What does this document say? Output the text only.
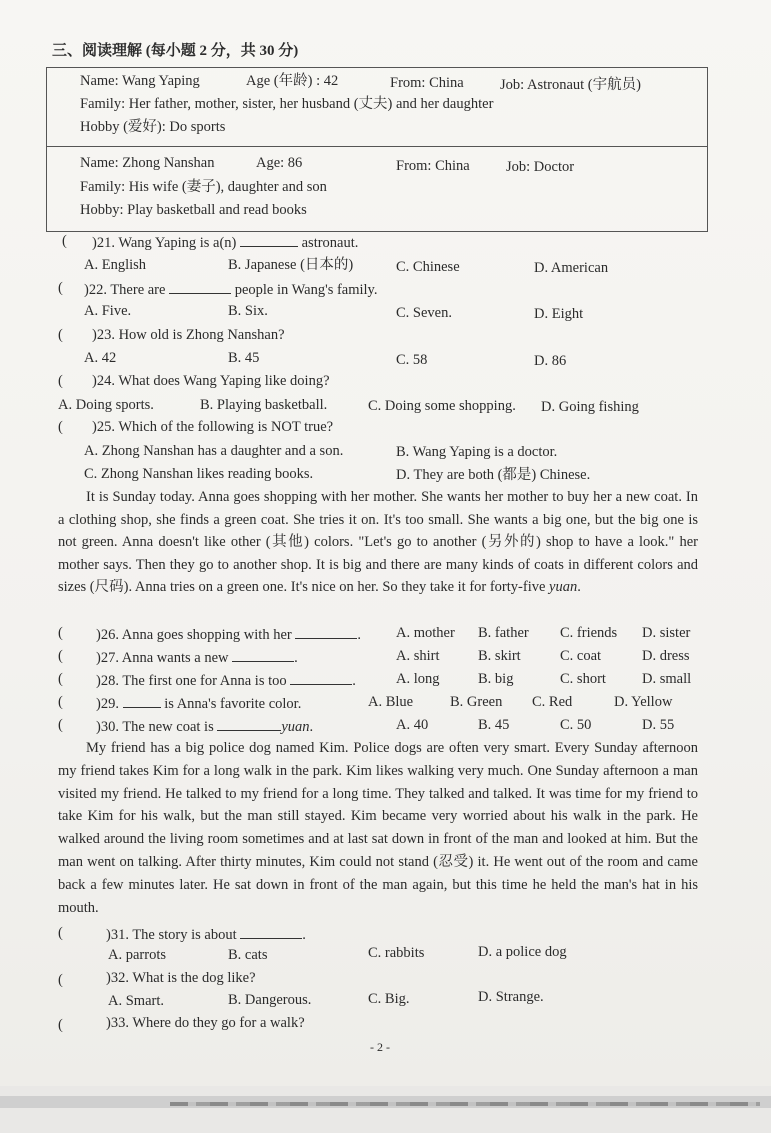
三、阅读理解 (每小题 2 分，共 30 分)
Name: Wang Yaping	Age (年龄) : 42	From: China	Job: Astronaut (宇航员)
Family: Her father, mother, sister, her husband (丈夫) and her daughter
Hobby (爱好): Do sports
Name: Zhong Nanshan	Age: 86	From: China	Job: Doctor
Family: His wife (妻子), daughter and son
Hobby: Play basketball and read books
( )21. Wang Yaping is a(n)	astronaut.
A. English	B. Japanese (日本的)	C. Chinese	D. American
( )22. There are	people in Wang's family.
A. Five.	B. Six.	C. Seven.	D. Eight
( )23. How old is Zhong Nanshan?
A. 42	B. 45	C. 58	D. 86
( )24. What does Wang Yaping like doing?
A. Doing sports.	B. Playing basketball.	C. Doing some shopping. D. Going fishing
( )25. Which of the following is NOT true?
A. Zhong Nanshan has a daughter and a son.	B. Wang Yaping is a doctor.
C. Zhong Nanshan likes reading books.	D. They are both (都是) Chinese.
It is Sunday today. Anna goes shopping with her mother. She wants her mother to buy her a new coat. In a clothing shop, she finds a green coat. She tries it on. It's too small. She wants a big one, but the big one is not green. Anna doesn't like other (其他) colors. "Let's go to another (另外的) shop to have a look." her mother says. Then they go to another shop. It is big and there are many kinds of coats in different colors and sizes (尺码). Anna tries on a green one. It's nice on her. So they take it for forty-five yuan.
( )26. Anna goes shopping with her	. A. mother B. father C. friends D. sister
( )27. Anna wants a new	.	A. shirt	B. skirt	C. coat	D. dress
( )28. The first one for Anna is too	.	A. long	B. big	C. short D. small
( )29.	is Anna's favorite color.	A. Blue	B. Green C. Red	D. Yellow
( )30. The new coat is	yuan.	A. 40	B. 45	C. 50	D. 55
My friend has a big police dog named Kim. Police dogs are often very smart. Every Sunday afternoon my friend takes Kim for a long walk in the park. Kim likes walking very much. One Sunday afternoon a man visited my friend. He talked to my friend for a long time. They talked and talked. It was time for my friend to take Kim for his walk, but the man still stayed. Kim became very worried about his walk in the park. He walked around the living room sometimes and at last sat down in front of the man and looked at him. But the man went on talking. After thirty minutes, Kim could not stand (忍受) it. He went out of the room and came back a few minutes later. He sat down in front of the man again, but this time he held the man's hat in his mouth.
(	)31. The story is about	.
A. parrots	B. cats	C. rabbits	D. a police dog
(	)32. What is the dog like?
A. Smart.	B. Dangerous.	C. Big.	D. Strange.
(	)33. Where do they go for a walk?
- 2 -
